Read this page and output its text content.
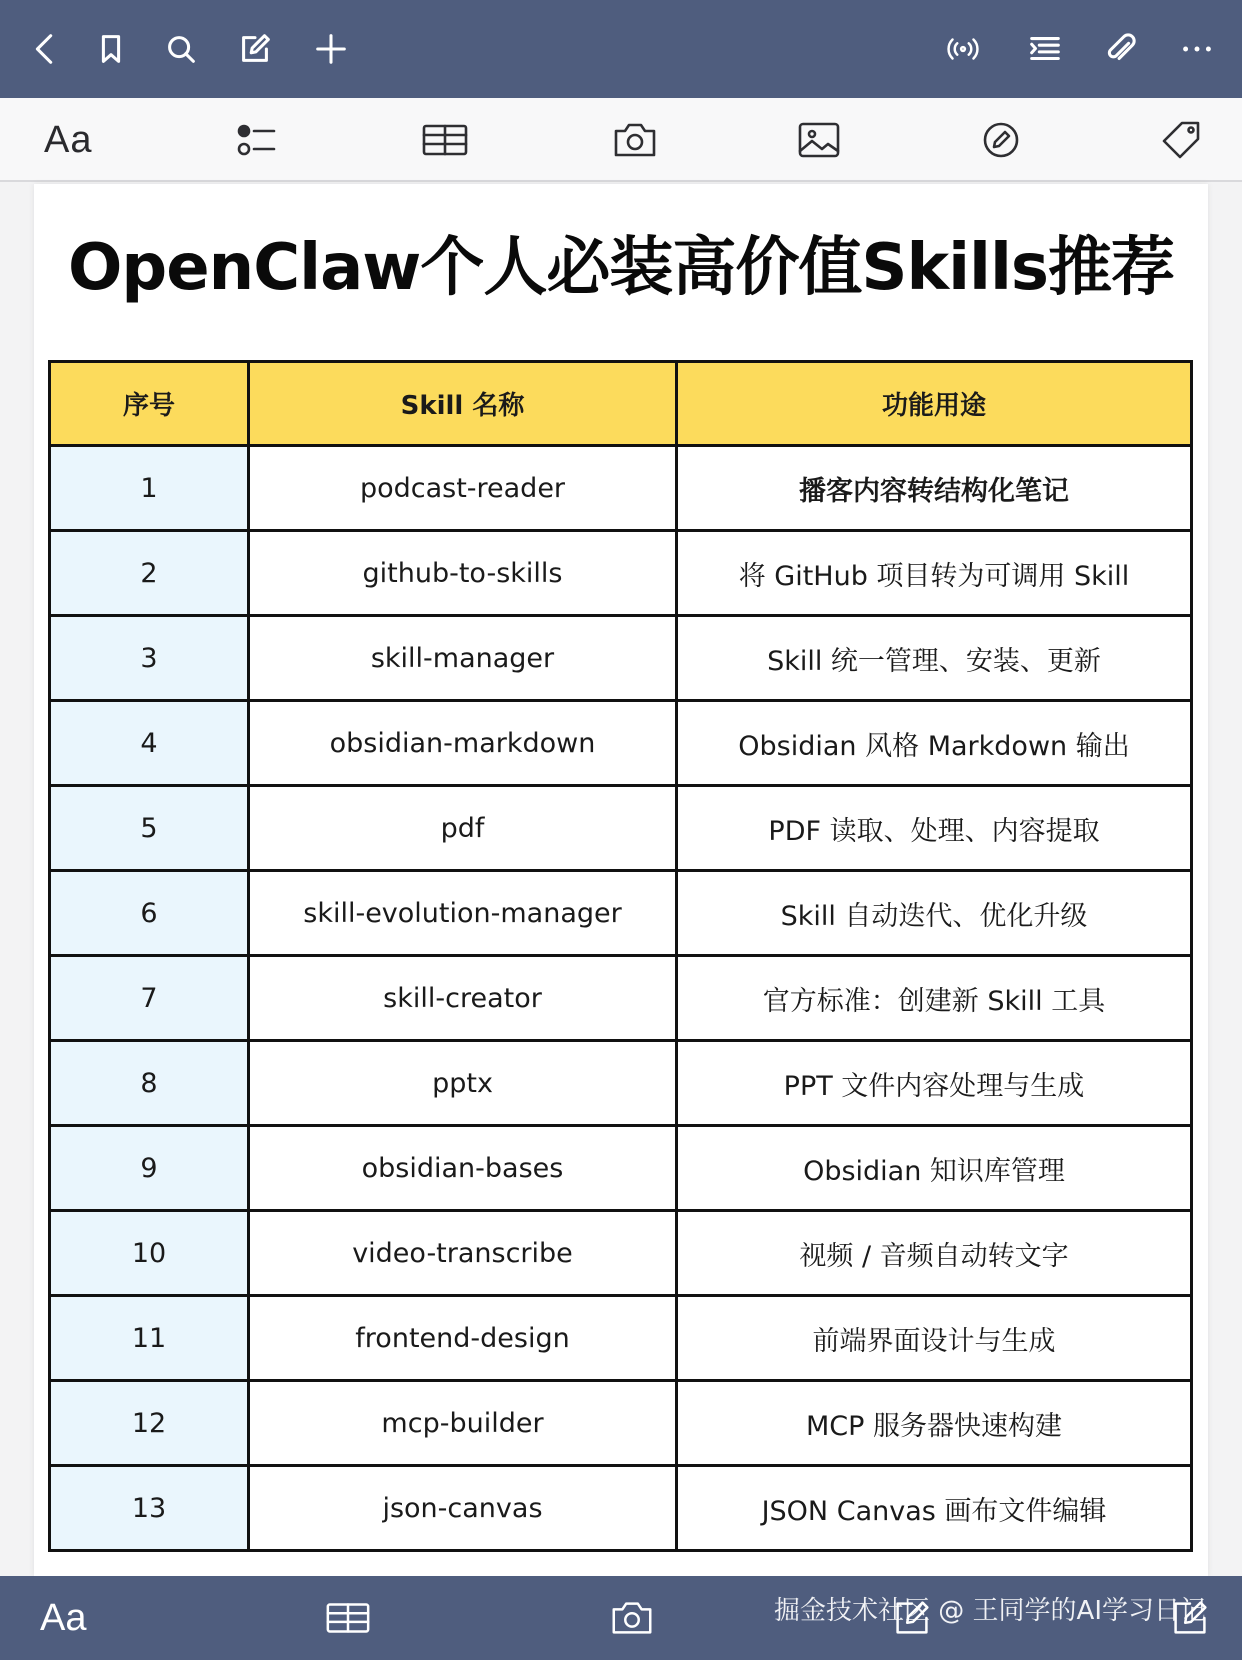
Aa
OpenClaw个人必装高价值Skills推荐
序号	Skill 名称	功能用途
1	podcast-reader	播客内容转结构化笔记
2	github-to-skills	将 GitHub 项目转为可调用 Skill
3	skill-manager	Skill 统一管理、安装、更新
4	obsidian-markdown	Obsidian 风格 Markdown 输出
5	pdf	PDF 读取、处理、内容提取
6	skill-evolution-manager	Skill 自动迭代、优化升级
7	skill-creator	官方标准：创建新 Skill 工具
8	pptx	PPT 文件内容处理与生成
9	obsidian-bases	Obsidian 知识库管理
10	video-transcribe	视频 / 音频自动转文字
11	frontend-design	前端界面设计与生成
12	mcp-builder	MCP 服务器快速构建
13	json-canvas	JSON Canvas 画布文件编辑
Aa	掘金技术社区 @ 王同学的AI学习日记
